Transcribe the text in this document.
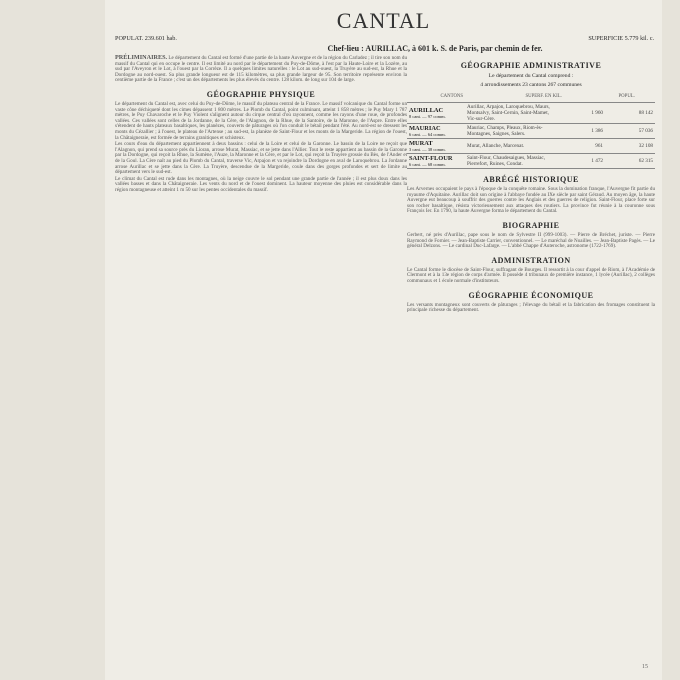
CANTAL
POPULAT. 239.601 hab.	SUPERFICIE 5.779 kil. c.
Chef-lieu : AURILLAC, à 601 k. S. de Paris, par chemin de fer.

PRÉLIMINAIRES. Le département du Cantal est formé d'une partie de la haute Auvergne et de la région du Carladez ; il tire son nom du massif du Cantal qui en occupe le centre. Il est limité au nord par le département du Puy-de-Dôme, à l'est par la Haute-Loire et la Lozère, au sud par l'Aveyron et le Lot, à l'ouest par la Corrèze. Il a quelques limites naturelles : le Lot au sud-ouest, la Truyère au sud-est, la Rhue et la Dordogne au nord-ouest. Sa plus grande longueur est de 115 kilomètres, sa plus grande largeur de 95. Son territoire représente environ la centième partie de la France ; c'est un des départements les plus élevés du centre. 128 kilom. de long sur 104 de large.

GÉOGRAPHIE PHYSIQUE

Le département du Cantal est, avec celui du Puy-de-Dôme, le massif du plateau central de la France. Le massif volcanique du Cantal forme un vaste cône déchiqueté dont les cimes dépassent 1 800 mètres. Le Plomb du Cantal, point culminant, atteint 1 858 mètres ; le Puy Mary 1 787 mètres, le Puy Chavaroche et le Puy Violent s'alignent autour du cirque central d'où rayonnent, comme les rayons d'une roue, de profondes vallées. Ces vallées sont celles de la Jordanne, de la Cère, de l'Alagnon, de la Rhue, de la Santoire, de la Maronne, de l'Aspre. Entre elles s'étendent de hauts plateaux basaltiques, les planèzes, couverts de pâturages où l'on conduit le bétail pendant l'été. Au nord-est se dressent les monts du Cézallier ; à l'ouest, le plateau de l'Artense ; au sud-est, la planèze de Saint-Flour et les monts de la Margeride. La région de l'ouest, la Châtaigneraie, est formée de terrains granitiques et schisteux.

Les cours d'eau du département appartiennent à deux bassins : celui de la Loire et celui de la Garonne. Le bassin de la Loire ne reçoit que l'Alagnon, qui prend sa source près du Lioran, arrose Murat, Massiac, et se jette dans l'Allier. Tout le reste appartient au bassin de la Garonne par la Dordogne, qui reçoit la Rhue, la Sumène, l'Auze, la Maronne et la Cère, et par le Lot, qui reçoit la Truyère grossie du Bès, de l'Ander et de la Goul. La Cère naît au pied du Plomb du Cantal, traverse Vic, Arpajon et va rejoindre la Dordogne en aval de Laroquebrou. La Jordanne arrose Aurillac et se jette dans la Cère. La Truyère, descendue de la Margeride, coule dans des gorges profondes et sert de limite au département vers le sud-est.

Le climat du Cantal est rude dans les montagnes, où la neige couvre le sol pendant une grande partie de l'année ; il est plus doux dans les vallées basses et dans la Châtaigneraie. Les vents du nord et de l'ouest dominent. La hauteur moyenne des pluies est considérable dans la région montagneuse et atteint 1 m 50 sur les pentes occidentales du massif.

GÉOGRAPHIE ADMINISTRATIVE
Le département du Cantal comprend :
4 arrondissements 23 cantons 267 communes
	CANTONS	SUPERF. EN KIL.	POPUL.
AURILLAC
8 cant. — 97 comm.	Aurillac, Arpajon, Laroquebrou, Maurs, Montsalvy, Saint-Cernin, Saint-Mamet, Vic-sur-Cère.	1 960	88 142
MAURIAC
6 cant. — 64 comm.	Mauriac, Champs, Pleaux, Riom-ès-Montagnes, Saignes, Salers.	1 386	57 036
MURAT
3 cant. — 38 comm.	Murat, Allanche, Marcenat.	961	32 108
SAINT-FLOUR
6 cant. — 68 comm.	Saint-Flour, Chaudesaigues, Massiac, Pierrefort, Ruines, Condat.	1 472	62 315
ABRÉGÉ HISTORIQUE

Les Arvernes occupaient le pays à l'époque de la conquête romaine. Sous la domination franque, l'Auvergne fit partie du royaume d'Aquitaine. Aurillac doit son origine à l'abbaye fondée au IXe siècle par saint Géraud. Au moyen âge, la haute Auvergne eut beaucoup à souffrir des guerres contre les Anglais et des guerres de religion. Saint-Flour, place forte sur son rocher basaltique, résista victorieusement aux attaques des routiers. La province fut réunie à la couronne sous François Ier. En 1790, la haute Auvergne forma le département du Cantal.

BIOGRAPHIE

Gerbert, né près d'Aurillac, pape sous le nom de Sylvestre II (999-1003). — Pierre de Bréchet, juriste. — Pierre Raymond de Fornier. — Jean-Baptiste Carrier, conventionnel. — Le maréchal de Noailles. — Jean-Baptiste Pagès. — Le général Delzons. — Le cardinal Duc-Lafarge. — L'abbé Chappe d'Auteroche, astronome (1722-1769).

ADMINISTRATION

Le Cantal forme le diocèse de Saint-Flour, suffragant de Bourges. Il ressortit à la cour d'appel de Riom, à l'Académie de Clermont et à la 13e région de corps d'armée. Il possède 4 tribunaux de première instance, 1 lycée (Aurillac), 2 collèges communaux et 1 école normale d'instituteurs.

GÉOGRAPHIE ÉCONOMIQUE

Les versants montagneux sont couverts de pâturages ; l'élevage du bétail et la fabrication des fromages constituent la principale richesse du département.

15
